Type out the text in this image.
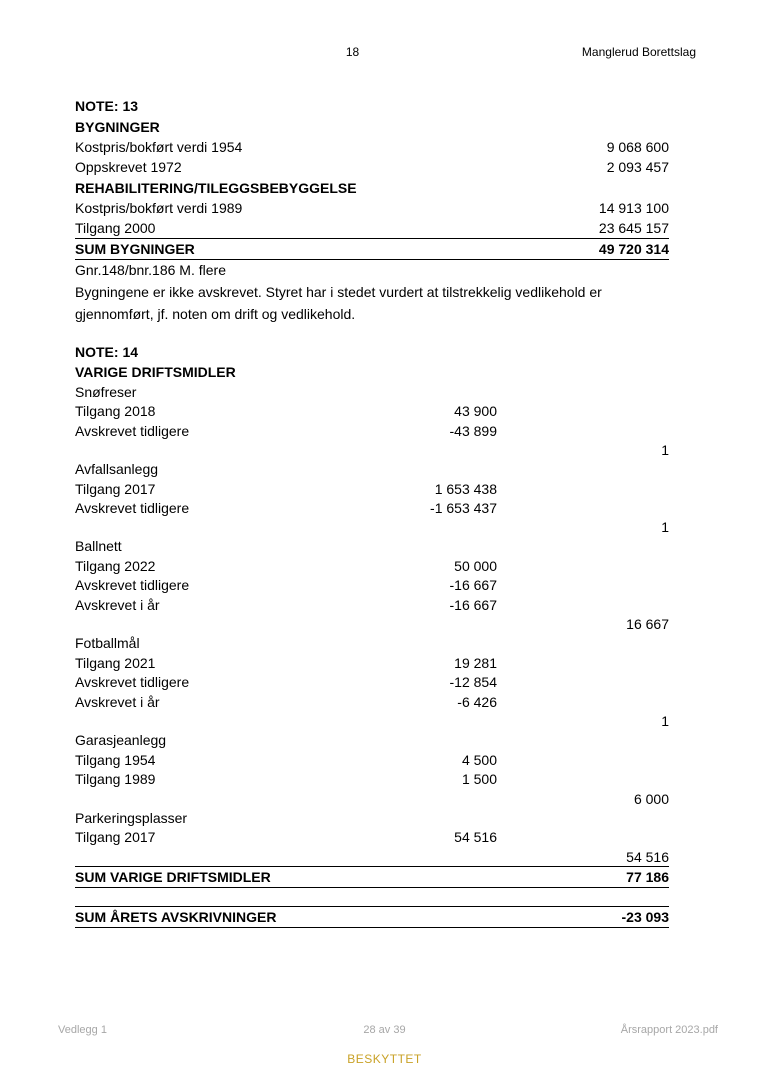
18	Manglerud Borettslag
NOTE: 13
BYGNINGER
Kostpris/bokført verdi 1954	9 068 600
Oppskrevet 1972	2 093 457
REHABILITERING/TILEGGSBEBYGGELSE
Kostpris/bokført verdi 1989	14 913 100
Tilgang 2000	23 645 157
SUM BYGNINGER	49 720 314
Gnr.148/bnr.186 M. flere
Bygningene er ikke avskrevet. Styret har i stedet vurdert at tilstrekkelig vedlikehold er
gjennomført, jf. noten om drift og vedlikehold.
NOTE: 14
VARIGE DRIFTSMIDLER
Snøfreser
Tilgang 2018	43 900
Avskrevet tidligere	-43 899
1
Avfallsanlegg
Tilgang 2017	1 653 438
Avskrevet tidligere	-1 653 437
1
Ballnett
Tilgang 2022	50 000
Avskrevet tidligere	-16 667
Avskrevet i år	-16 667
16 667
Fotballmål
Tilgang 2021	19 281
Avskrevet tidligere	-12 854
Avskrevet i år	-6 426
1
Garasjeanlegg
Tilgang 1954	4 500
Tilgang 1989	1 500
6 000
Parkeringsplasser
Tilgang 2017	54 516
54 516
SUM VARIGE DRIFTSMIDLER	77 186
SUM ÅRETS AVSKRIVNINGER	-23 093
Vedlegg 1	28 av 39	Årsrapport 2023.pdf
BESKYTTET
